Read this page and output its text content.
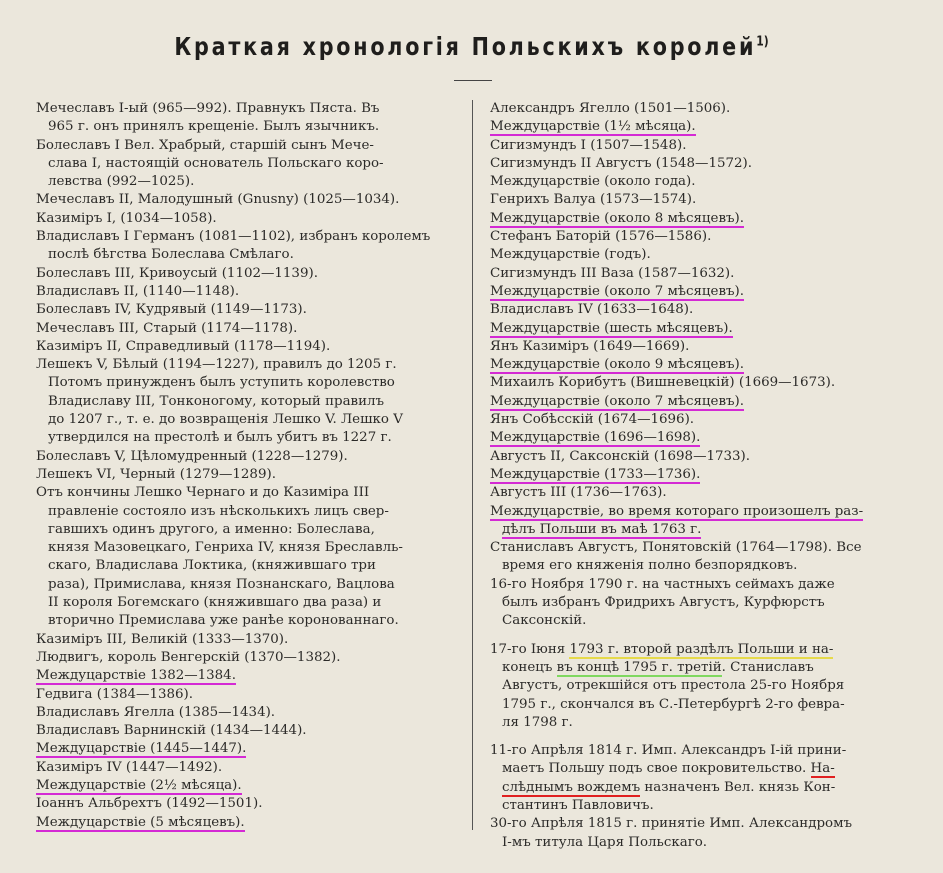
Краткая хронологія Польскихъ королей$^{1)}$
Мечеславъ I-ый (965—992). Правнукъ Пяста. Въ
965 г. онъ принялъ крещеніе. Былъ язычникъ.
Болеславъ I Вел. Храбрый, старшій сынъ Мече-
слава I, настоящій основатель Польскаго коро-
левства (992—1025).
Мечеславъ II, Малодушный (Gnusny) (1025—1034).
Казиміръ I, (1034—1058).
Владиславъ I Германъ (1081—1102), избранъ королемъ
послѣ бѣгства Болеслава Смѣлаго.
Болеславъ III, Кривоусый (1102—1139).
Владиславъ II, (1140—1148).
Болеславъ IV, Кудрявый (1149—1173).
Мечеславъ III, Старый (1174—1178).
Казиміръ II, Справедливый (1178—1194).
Лешекъ V, Бѣлый (1194—1227), правилъ до 1205 г.
Потомъ принужденъ былъ уступить королевство
Владиславу III, Тонконогому, который правилъ
до 1207 г., т. е. до возвращенія Лешко V. Лешко V
утвердился на престолѣ и былъ убитъ въ 1227 г.
Болеславъ V, Цѣломудренный (1228—1279).
Лешекъ VI, Черный (1279—1289).
Отъ кончины Лешко Чернаго и до Казиміра III
правленіе состояло изъ нѣсколькихъ лицъ свер-
гавшихъ одинъ другого, а именно: Болеслава,
князя Мазовецкаго, Генриха IV, князя Бреславль-
скаго, Владислава Локтика, (княжившаго три
раза), Примислава, князя Познанскаго, Вацлова
II короля Богемскаго (княжившаго два раза) и
вторично Премислава уже ранѣе коронованнаго.
Казиміръ III, Великій (1333—1370).
Людвигъ, король Венгерскій (1370—1382).
Междуцарствіе 1382—1384.
Гедвига (1384—1386).
Владиславъ Ягелла (1385—1434).
Владиславъ Варнинскій (1434—1444).
Междуцарствіе (1445—1447).
Казиміръ IV (1447—1492).
Междуцарствіе (2½ мѣсяца).
Іоаннъ Альбрехтъ (1492—1501).
Междуцарствіе (5 мѣсяцевъ).
Александръ Ягелло (1501—1506).
Междуцарствіе (1½ мѣсяца).
Сигизмундъ I (1507—1548).
Сигизмундъ II Августъ (1548—1572).
Междуцарствіе (около года).
Генрихъ Валуа (1573—1574).
Междуцарствіе (около 8 мѣсяцевъ).
Стефанъ Баторій (1576—1586).
Междуцарствіе (годъ).
Сигизмундъ III Ваза (1587—1632).
Междуцарствіе (около 7 мѣсяцевъ).
Владиславъ IV (1633—1648).
Междуцарствіе (шесть мѣсяцевъ).
Янъ Казиміръ (1649—1669).
Междуцарствіе (около 9 мѣсяцевъ).
Михаилъ Корибутъ (Вишневецкій) (1669—1673).
Междуцарствіе (около 7 мѣсяцевъ).
Янъ Собѣсскій (1674—1696).
Междуцарствіе (1696—1698).
Августъ II, Саксонскій (1698—1733).
Междуцарствіе (1733—1736).
Августъ III (1736—1763).
Междуцарствіе, во время котораго произошелъ раз-
дѣлъ Польши въ маѣ 1763 г.
Станиславъ Августъ, Понятовскій (1764—1798). Все
время его княженія полно безпорядковъ.
16-го Ноября 1790 г. на частныхъ сеймахъ даже
былъ избранъ Фридрихъ Августъ, Курфюрстъ
Саксонскій.
17-го Іюня 1793 г. второй раздѣлъ Польши и на-
конецъ въ концѣ 1795 г. третій. Станиславъ
Августъ, отрекшійся отъ престола 25-го Ноября
1795 г., скончался въ С.-Петербургѣ 2-го февра-
ля 1798 г.
11-го Апрѣля 1814 г. Имп. Александръ I-ій прини-
маетъ Польшу подъ свое покровительство. На-
слѣднымъ вождемъ назначенъ Вел. князь Кон-
стантинъ Павловичъ.
30-го Апрѣля 1815 г. принятіе Имп. Александромъ
I-мъ титула Царя Польскаго.
